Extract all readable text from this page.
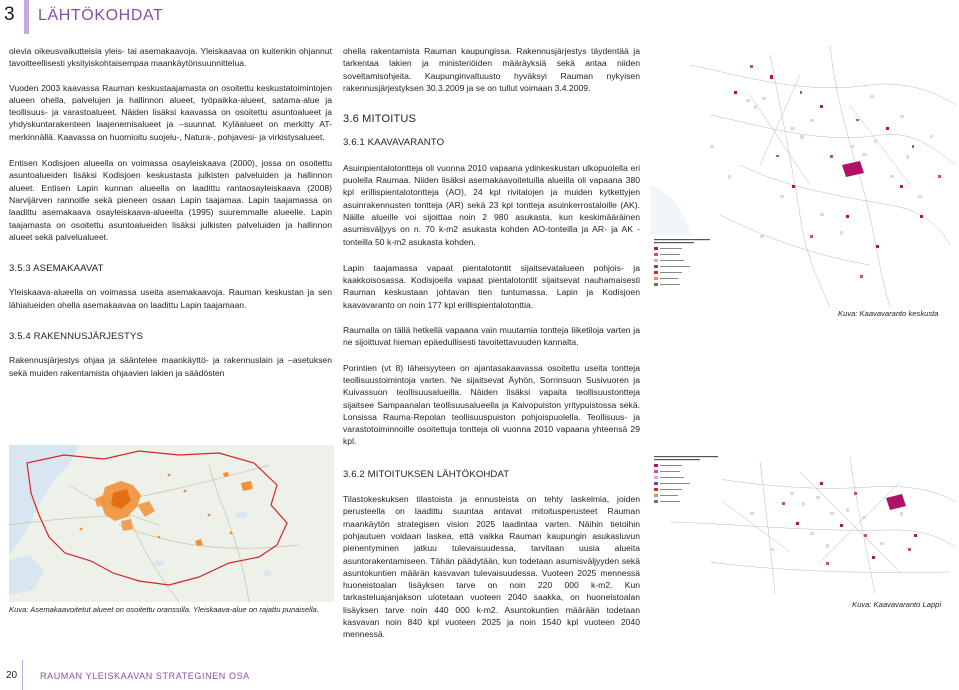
3 LÄHTÖKOHDAT

olevia oikeusvaikutteisia yleis- tai asemakaavoja. Yleiskaavaa on kuitenkin ohjannut tavoitteellisesti yksityiskohtaisempaa maankäytönsuunnittelua.

Vuoden 2003 kaavassa Rauman keskustaajamasta on osoitettu keskustatoimintojen alueen ohella, palvelujen ja hallinnon alueet, työpaikka-alueet, satama-alue ja teollisuus- ja varastoalueet. Näiden lisäksi kaavassa on osoitettu asuntoalueet ja yhdyskuntarakenteen laajenemisalueet ja –suunnat. Kyläalueet on merkitty AT-merkinnällä. Kaavassa on huomioitu suojelu-, Natura-, pohjavesi- ja virkistysalueet.

Entisen Kodisjoen alueella on voimassa osayleiskaava (2000), jossa on osoitettu asuntoalueiden lisäksi Kodisjoen keskustasta julkisten palveluiden ja hallinnon alueet. Entisen Lapin kunnan alueella on laadittu rantaosayleiskaava (2008) Narvijärven rannoille sekä pieneen osaan Lapin taajamaa. Lapin taajamassa on laadittu asemakaava osayleiskaava-alueelta (1995) suuremmalle alueelle. Lapin taajamasta on osoitettu asuntoalueiden lisäksi julkisten palveluiden ja hallinnon alueet sekä palvelualueet.

3.5.3 ASEMAKAAVAT

Yleiskaava-alueella on voimassa useita asemakaavoja. Rauman keskustan ja sen lähialueiden ohella asemakaavaa on laadittu Lapin taajamaan.

3.5.4 RAKENNUSJÄRJESTYS

Rakennusjärjestys ohjaa ja sääntelee maankäyttö- ja rakennuslain ja –asetuksen sekä muiden rakentamista ohjaavien lakien ja säädösten

Kuva: Asemakaavoitetut alueet on osoitettu oranssilla. Yleiskaava-alue on rajattu punaisella.

ohella rakentamista Rauman kaupungissa. Rakennusjärjestys täydentää ja tarkentaa lakien ja ministeriöiden määräyksiä sekä antaa niiden soveltamisohjeita. Kaupunginvaltuusto hyväksyi Rauman nykyisen rakennusjärjestyksen 30.3.2009 ja se on tullut voimaan 3.4.2009.

3.6 MITOITUS
3.6.1 KAAVAVARANTO

Asuinpientalotontteja oli vuonna 2010 vapaana ydinkeskustan ulkopuolella eri puolella Raumaa. Niiden lisäksi asemakaavoitetuilla alueilla oli vapaana 380 kpl erillispientalotontteja (AO), 24 kpl rivitalojen ja muiden kytkettyjen asuinrakennusten tontteja (AR) sekä 23 kpl tontteja asuinkerrostaloille (AK). Näille alueille voi sijoittaa noin 2 980 asukasta, kun keskimääräinen asumisväljyys on n. 70 k-m2 asukasta kohden AO-tonteilla ja AR- ja AK -tonteilla 50 k-m2 asukasta kohden.

Lapin taajamassa vapaat pientalotontit sijaitsevatalueen pohjois- ja kaakkoisosassa. Kodisjoella vapaat pientalotontit sijaitsevat nauhamaisesti Rauman keskustaan johtavan tien tuntumassa. Lapin ja Kodisjoen kaavavaranto on noin 177 kpl erillispientalotonttia.

Raumalla on tällä hetkellä vapaana vain muutamia tontteja liiketiloja varten ja ne sijoittuvat hieman epäedullisesti tavoitettavuuden kannalta.

Porintien (vt 8) läheisyyteen on ajantasakaavassa osoitettu useita tontteja teollisuustoimintoja varten. Ne sijaitsevat Äyhön, Sorrinsuon Susivuoren ja Kuivassuon teollisuusalueilla. Näiden lisäksi vapaita teollisuustontteja sijaitsee Sampaanalan teollisuusalueella ja Kaivopuiston yritypuistossa sekä. Lonsissa Rauma-Repolan teollisuuspuiston pohjoispuolella. Teollisuus- ja varastotoiminnoille osoitettuja tontteja oli vuonna 2010 vapaana yhteensä 29 kpl.

3.6.2 MITOITUKSEN LÄHTÖKOHDAT

Tilastokeskuksen tilastoista ja ennusteista on tehty laskelmia, joiden perusteella on laadittu suuntaa antavat mitoitusperusteet Rauman maankäytön strategisen vision 2025 laadintaa varten. Näihin tietoihin pohjautuen voidaan laskea, että vaikka Rauman kaupungin asukasluvun pienentyminen jatkuu tulevaisuudessa, tarvitaan uusia alueita asuntorakentamiseen. Tähän päädytään, kun todetaan asumisväljyyden sekä asuntokuntien määrän kasvavan tulevaisuudessa. Vuoteen 2025 mennessä huoneistoalan lisäyksen tarve on noin 220 000 k-m2. Kun tarkasteluajanjakson ulotetaan vuoteen 2040 saakka, on huoneistoalan lisäyksen tarve noin 440 000 k-m2. Asuntokuntien määrään todetaan kasvavan noin 840 kpl vuoteen 2025 ja noin 1540 kpl vuoteen 2040 mennessä.

Kuva: Kaavavaranto keskusta
Kuva: Kaavavaranto Lappi
20	RAUMAN YLEISKAAVAN STRATEGINEN OSA
